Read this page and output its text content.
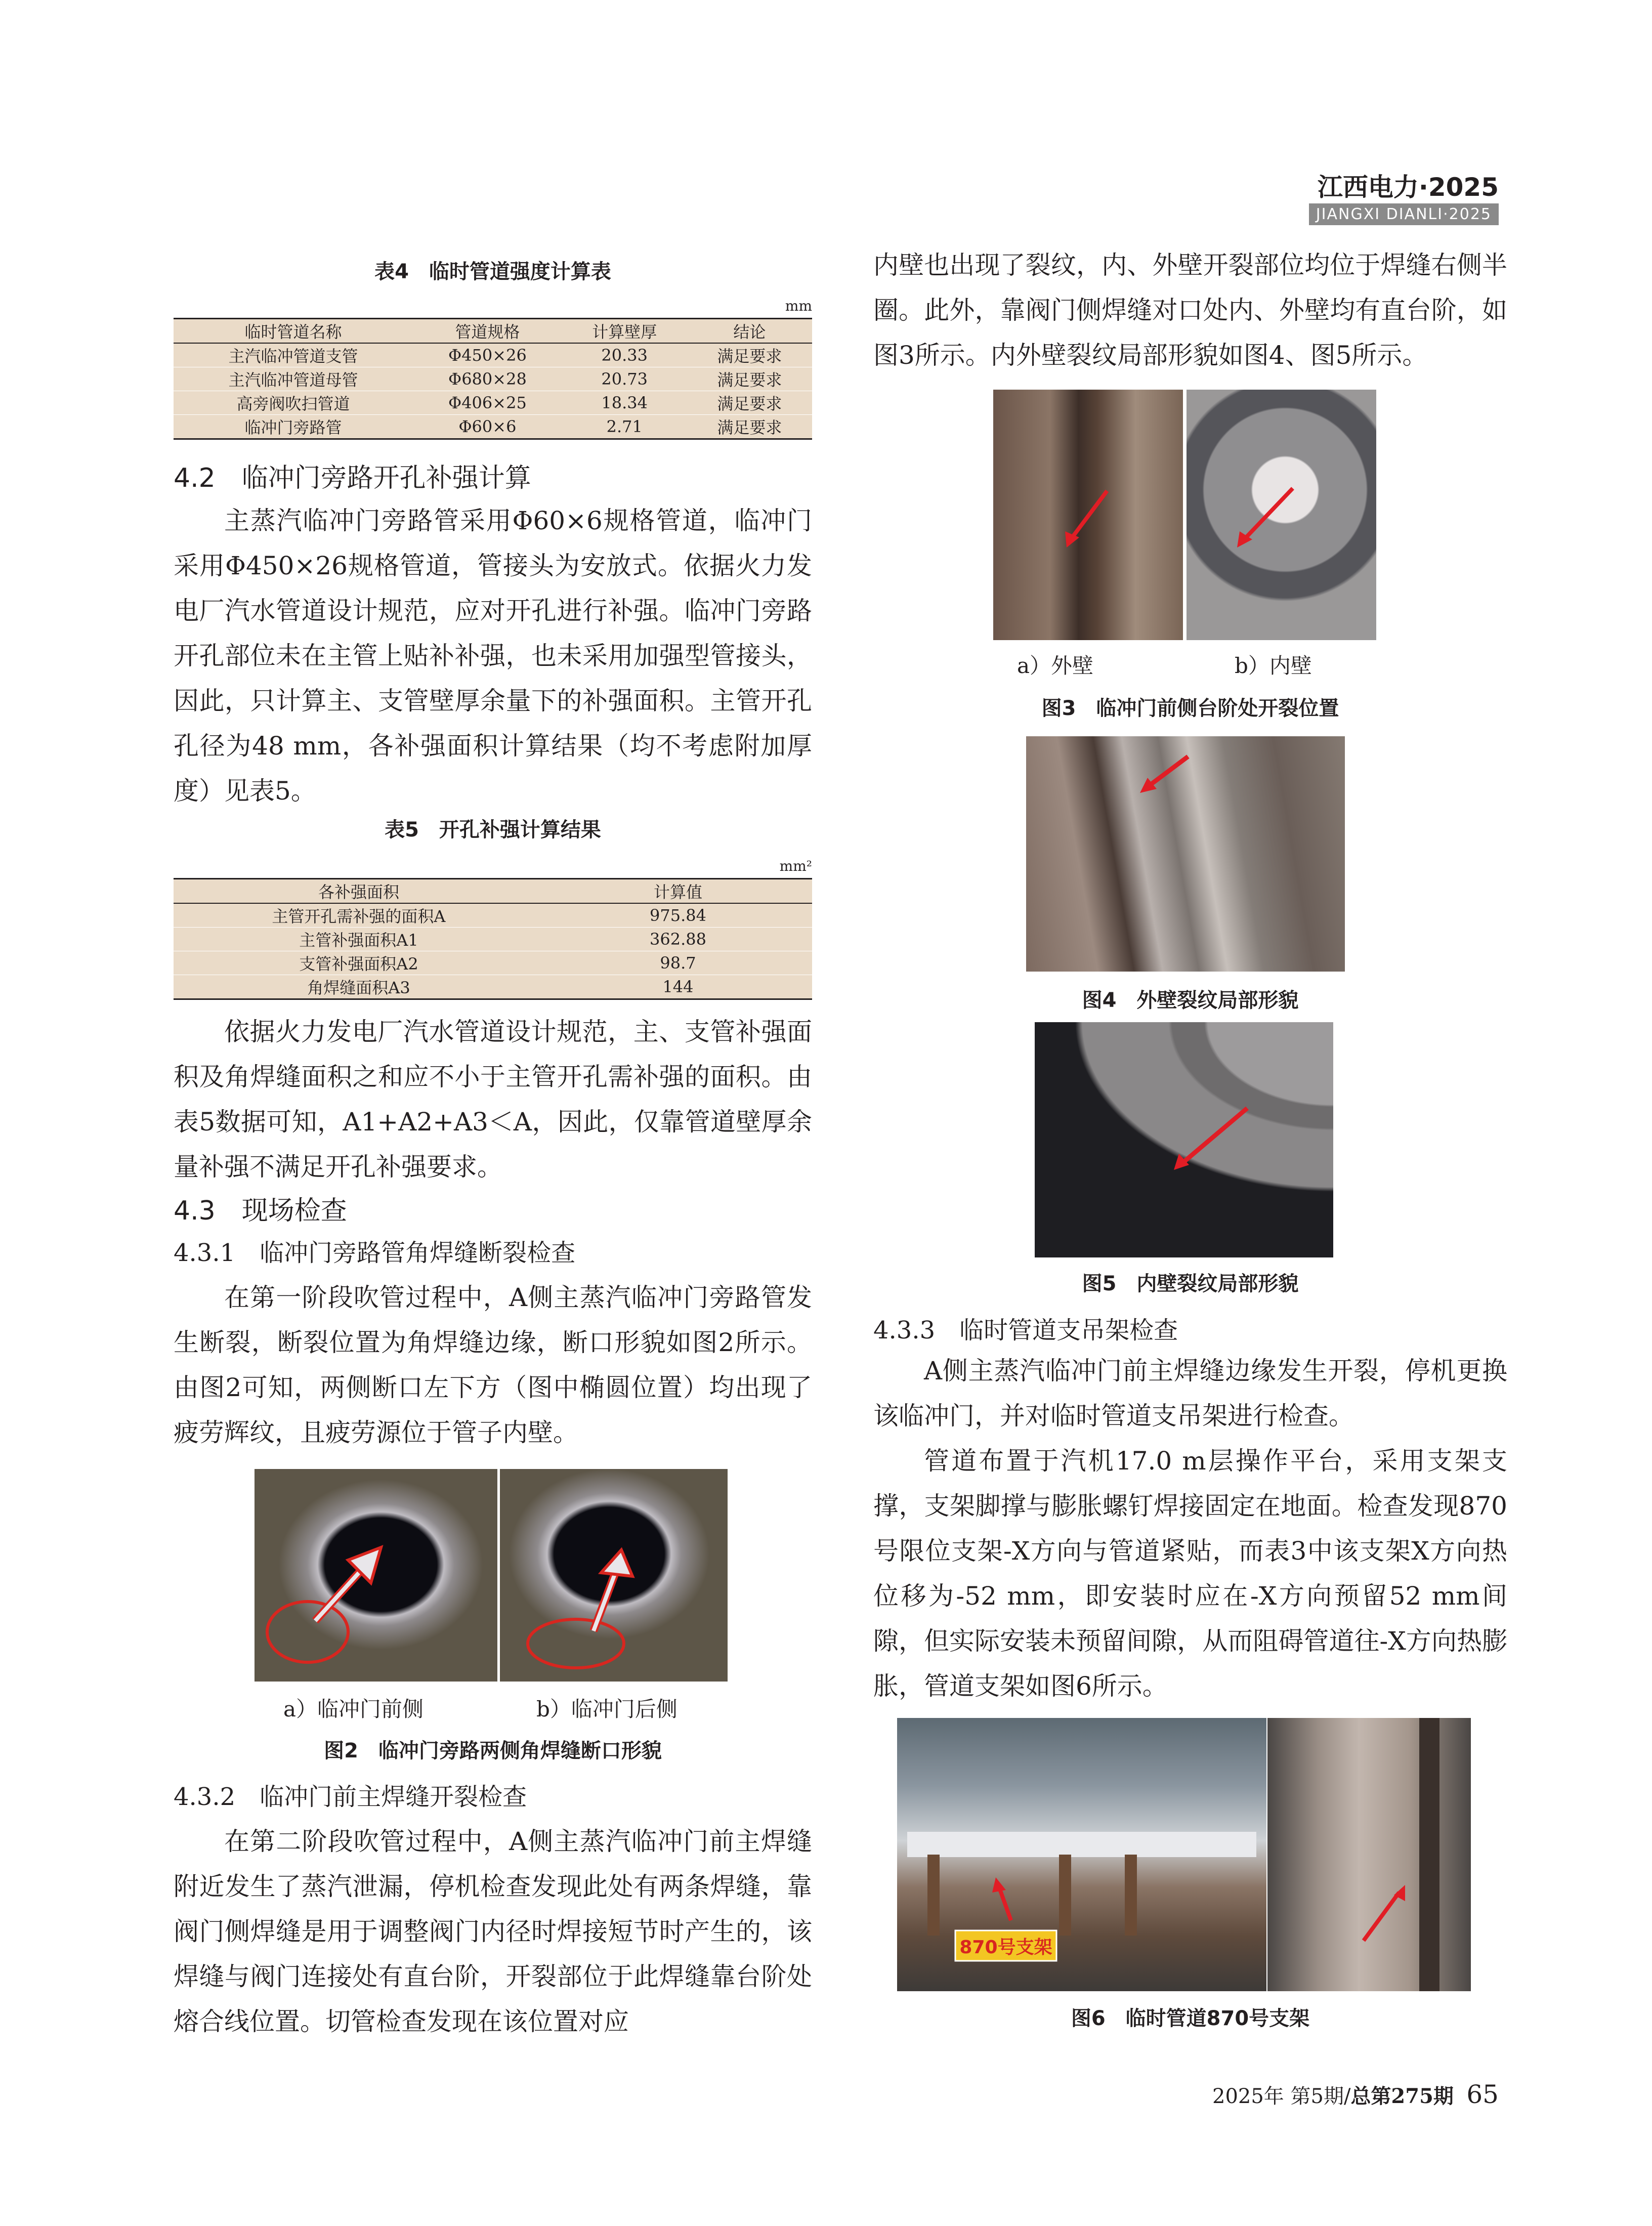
江西电力·2025
JIANGXI DIANLI·2025
表4　临时管道强度计算表
mm
临时管道名称	管道规格	计算壁厚	结论
主汽临冲管道支管	Φ450×26	20.33	满足要求
主汽临冲管道母管	Φ680×28	20.73	满足要求
高旁阀吹扫管道	Φ406×25	18.34	满足要求
临冲门旁路管	Φ60×6	2.71	满足要求
4.2　临冲门旁路开孔补强计算
主蒸汽临冲门旁路管采用Φ60×6规格管道，临冲门采用Φ450×26规格管道，管接头为安放式。依据火力发电厂汽水管道设计规范，应对开孔进行补强。临冲门旁路开孔部位未在主管上贴补补强，也未采用加强型管接头，因此，只计算主、支管壁厚余量下的补强面积。主管开孔孔径为48 mm，各补强面积计算结果（均不考虑附加厚度）见表5。
表5　开孔补强计算结果
mm²
各补强面积	计算值
主管开孔需补强的面积A	975.84
主管补强面积A1	362.88
支管补强面积A2	98.7
角焊缝面积A3	144
依据火力发电厂汽水管道设计规范，主、支管补强面积及角焊缝面积之和应不小于主管开孔需补强的面积。由表5数据可知，A1+A2+A3＜A，因此，仅靠管道壁厚余量补强不满足开孔补强要求。
4.3　现场检查
4.3.1　临冲门旁路管角焊缝断裂检查
在第一阶段吹管过程中，A侧主蒸汽临冲门旁路管发生断裂，断裂位置为角焊缝边缘，断口形貌如图2所示。由图2可知，两侧断口左下方（图中椭圆位置）均出现了疲劳辉纹，且疲劳源位于管子内壁。
a）临冲门前侧	b）临冲门后侧
图2　临冲门旁路两侧角焊缝断口形貌
4.3.2　临冲门前主焊缝开裂检查
在第二阶段吹管过程中，A侧主蒸汽临冲门前主焊缝附近发生了蒸汽泄漏，停机检查发现此处有两条焊缝，靠阀门侧焊缝是用于调整阀门内径时焊接短节时产生的，该焊缝与阀门连接处有直台阶，开裂部位于此焊缝靠台阶处熔合线位置。切管检查发现在该位置对应
内壁也出现了裂纹，内、外壁开裂部位均位于焊缝右侧半圈。此外，靠阀门侧焊缝对口处内、外壁均有直台阶，如图3所示。内外壁裂纹局部形貌如图4、图5所示。
a）外壁	b）内壁
图3　临冲门前侧台阶处开裂位置
图4　外壁裂纹局部形貌
图5　内壁裂纹局部形貌
4.3.3　临时管道支吊架检查
A侧主蒸汽临冲门前主焊缝边缘发生开裂，停机更换该临冲门，并对临时管道支吊架进行检查。
管道布置于汽机17.0 m层操作平台，采用支架支撑，支架脚撑与膨胀螺钉焊接固定在地面。检查发现870号限位支架-X方向与管道紧贴，而表3中该支架X方向热位移为-52 mm，即安装时应在-X方向预留52 mm间隙，但实际安装未预留间隙，从而阻碍管道往-X方向热膨胀，管道支架如图6所示。
870号支架
图6　临时管道870号支架
2025年 第5期/总第275期 65
